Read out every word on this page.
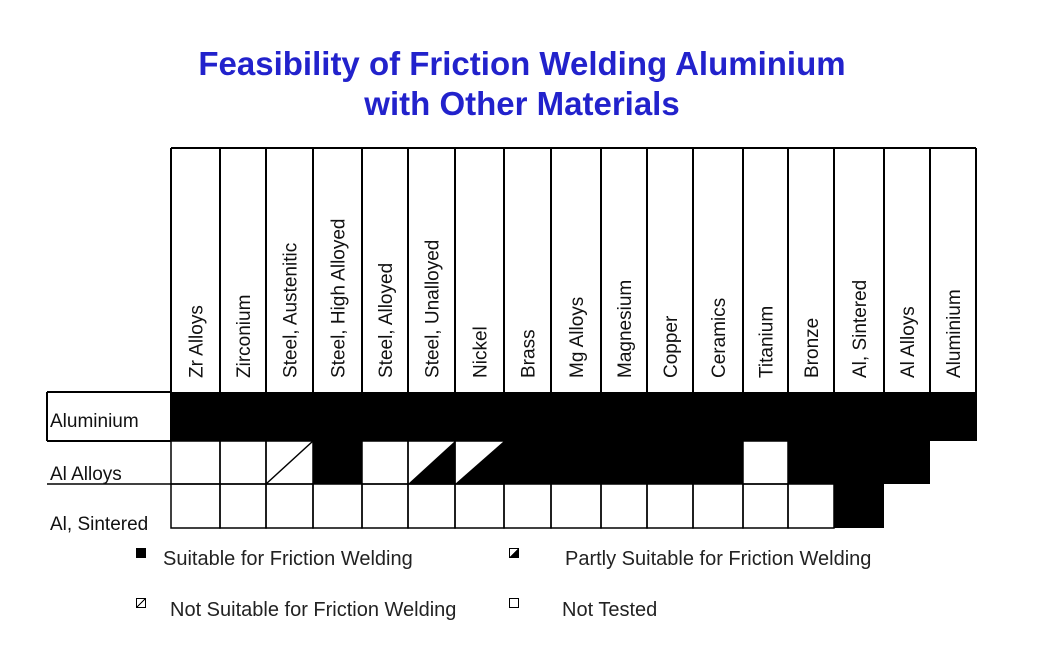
Feasibility of Friction Welding Aluminium
with Other Materials
Zr Alloys Zirconium Steel, Austenitic Steel, High Alloyed Steel, Alloyed Steel, Unalloyed Nickel Brass Mg Alloys Magnesium Copper Ceramics Titanium Bronze Al, Sintered Al Alloys Aluminium
Aluminium
Al Alloys
Al, Sintered
Suitable for Friction Welding	Partly Suitable for Friction Welding
Not Suitable for Friction Welding	Not Tested
